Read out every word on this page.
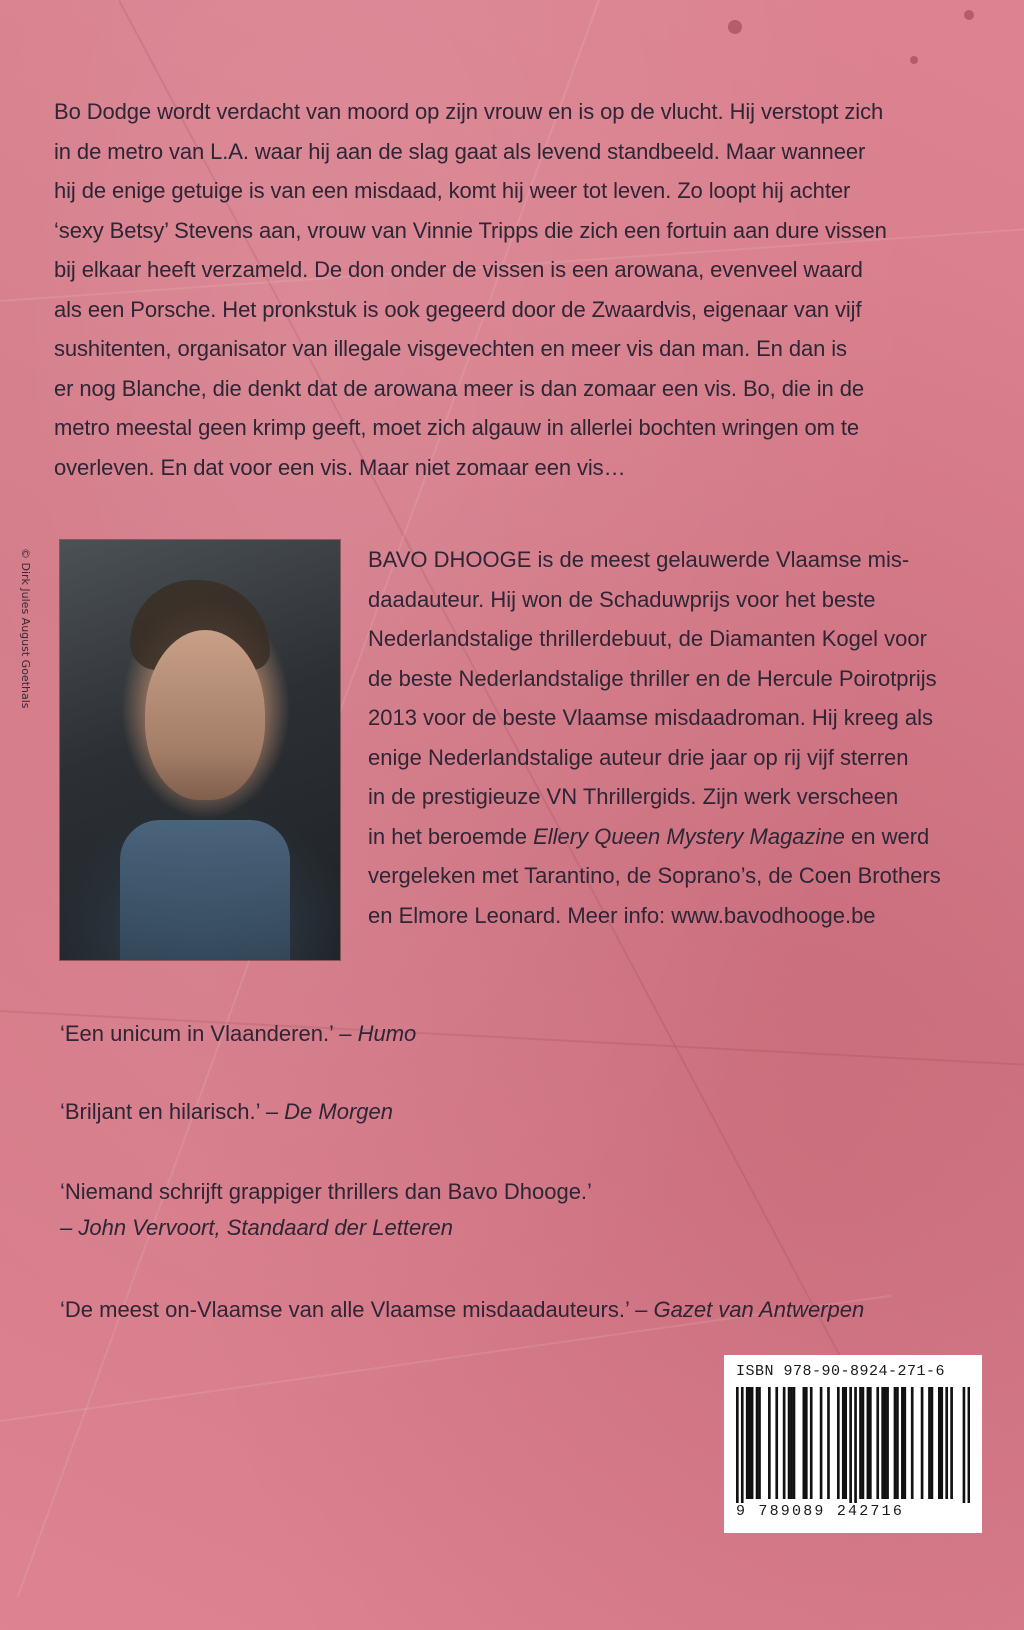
Bo Dodge wordt verdacht van moord op zijn vrouw en is op de vlucht. Hij verstopt zich
in de metro van L.A. waar hij aan de slag gaat als levend standbeeld. Maar wanneer
hij de enige getuige is van een misdaad, komt hij weer tot leven. Zo loopt hij achter
‘sexy Betsy’ Stevens aan, vrouw van Vinnie Tripps die zich een fortuin aan dure vissen
bij elkaar heeft verzameld. De don onder de vissen is een arowana, evenveel waard
als een Porsche. Het pronkstuk is ook gegeerd door de Zwaardvis, eigenaar van vijf
sushitenten, organisator van illegale visgevechten en meer vis dan man. En dan is
er nog Blanche, die denkt dat de arowana meer is dan zomaar een vis. Bo, die in de
metro meestal geen krimp geeft, moet zich algauw in allerlei bochten wringen om te
overleven. En dat voor een vis. Maar niet zomaar een vis…
© Dirk Jules August Goethals	BAVO DHOOGE is de meest gelauwerde Vlaamse mis-
daadauteur. Hij won de Schaduwprijs voor het beste
Nederlandstalige thrillerdebuut, de Diamanten Kogel voor
de beste Nederlandstalige thriller en de Hercule Poirotprijs
2013 voor de beste Vlaamse misdaadroman. Hij kreeg als
enige Nederlandstalige auteur drie jaar op rij vijf sterren
in de prestigieuze VN Thrillergids. Zijn werk verscheen
in het beroemde Ellery Queen Mystery Magazine en werd
vergeleken met Tarantino, de Soprano’s, de Coen Brothers
en Elmore Leonard. Meer info: www.bavodhooge.be
‘Een unicum in Vlaanderen.’ – Humo
‘Briljant en hilarisch.’ – De Morgen
‘Niemand schrijft grappiger thrillers dan Bavo Dhooge.’
– John Vervoort, Standaard der Letteren
‘De meest on-Vlaamse van alle Vlaamse misdaadauteurs.’ – Gazet van Antwerpen
ISBN 978-90-8924-271-6
9 789089 242716
